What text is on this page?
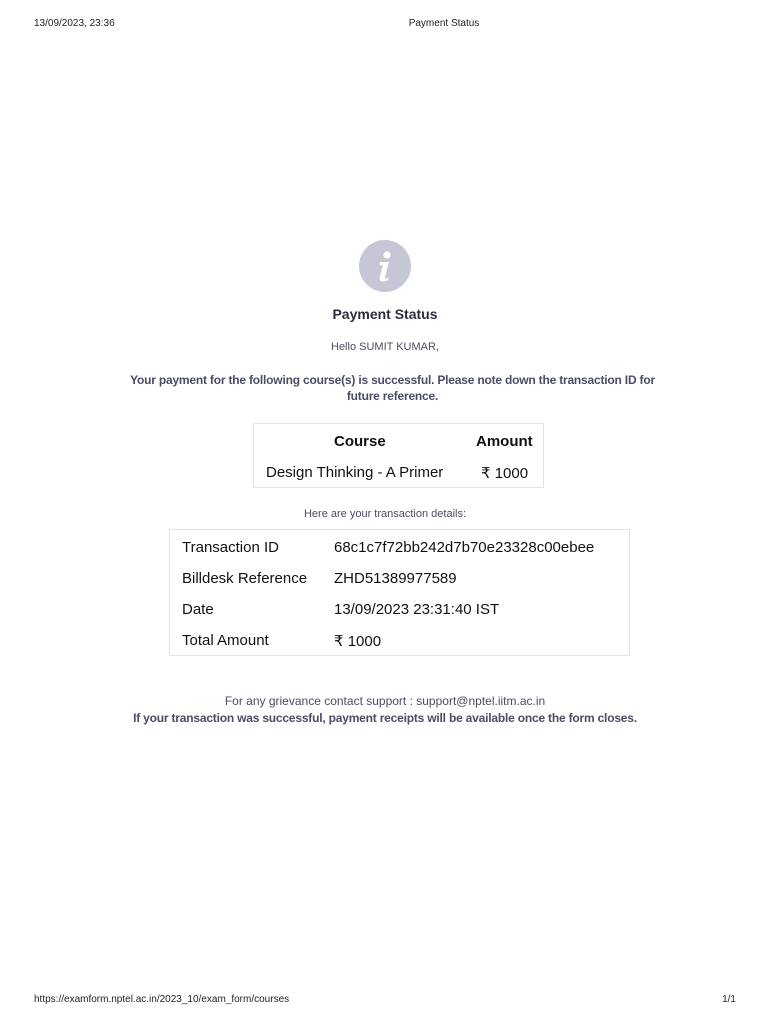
13/09/2023, 23:36	Payment Status
Payment Status
Hello SUMIT KUMAR,
Your payment for the following course(s) is successful. Please note down the transaction ID for future reference.
Course	Amount
Design Thinking - A Primer	₹ 1000
Here are your transaction details:
Transaction ID	68c1c7f72bb242d7b70e23328c00ebee
Billdesk Reference ZHD51389977589
Date	13/09/2023 23:31:40 IST
Total Amount	₹ 1000
For any grievance contact support : support@nptel.iitm.ac.in
If your transaction was successful, payment receipts will be available once the form closes.
https://examform.nptel.ac.in/2023_10/exam_form/courses	1/1
